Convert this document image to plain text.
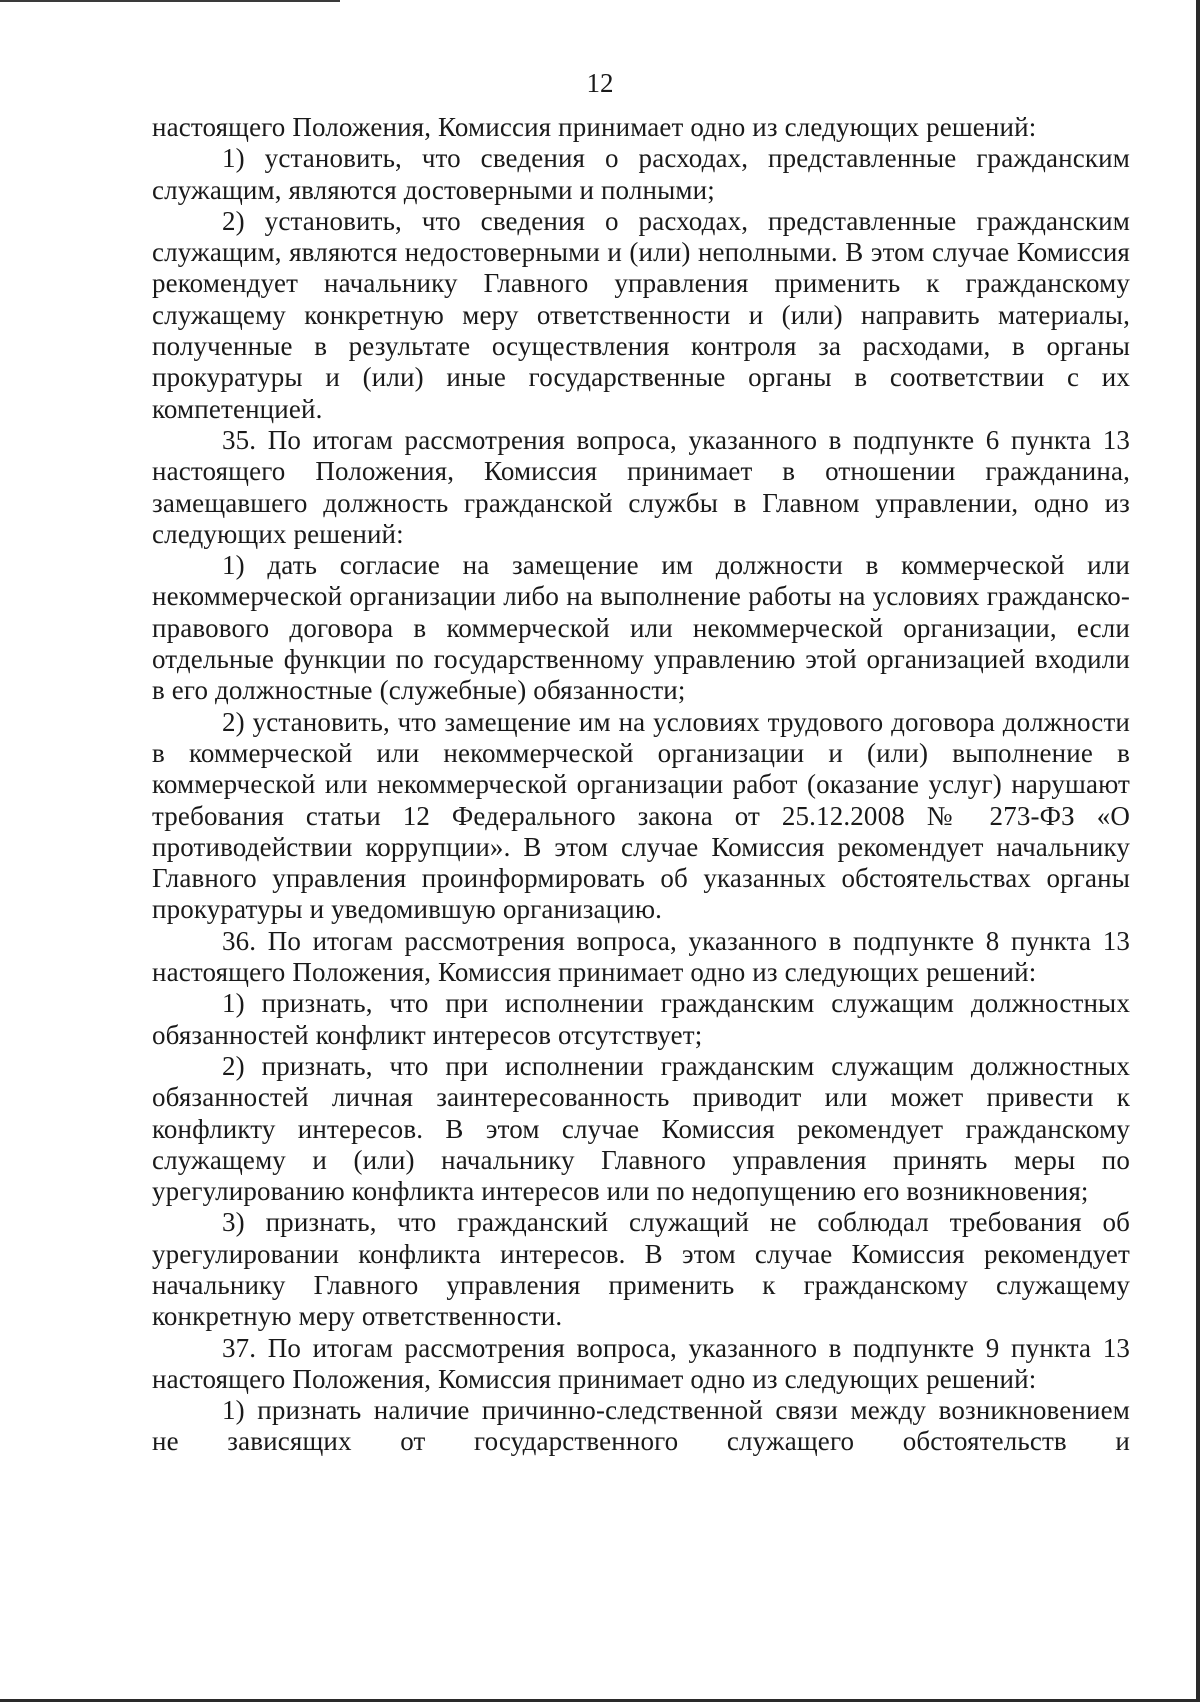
12

настоящего Положения, Комиссия принимает одно из следующих решений:

1) установить, что сведения о расходах, представленные гражданским служащим, являются достоверными и полными;

2) установить, что сведения о расходах, представленные гражданским служащим, являются недостоверными и (или) неполными. В этом случае Комиссия рекомендует начальнику Главного управления применить к гражданскому служащему конкретную меру ответственности и (или) направить материалы, полученные в результате осуществления контроля за расходами, в органы прокуратуры и (или) иные государственные органы в соответствии с их компетенцией.

35. По итогам рассмотрения вопроса, указанного в подпункте 6 пункта 13 настоящего Положения, Комиссия принимает в отношении гражданина, замещавшего должность гражданской службы в Главном управлении, одно из следующих решений:

1) дать согласие на замещение им должности в коммерческой или некоммерческой организации либо на выполнение работы на условиях гражданско-правового договора в коммерческой или некоммерческой организации, если отдельные функции по государственному управлению этой организацией входили в его должностные (служебные) обязанности;

2) установить, что замещение им на условиях трудового договора должности в коммерческой или некоммерческой организации и (или) выполнение в коммерческой или некоммерческой организации работ (оказание услуг) нарушают требования статьи 12 Федерального закона от 25.12.2008 № 273-ФЗ «О противодействии коррупции». В этом случае Комиссия рекомендует начальнику Главного управления проинформировать об указанных обстоятельствах органы прокуратуры и уведомившую организацию.

36. По итогам рассмотрения вопроса, указанного в подпункте 8 пункта 13 настоящего Положения, Комиссия принимает одно из следующих решений:

1) признать, что при исполнении гражданским служащим должностных обязанностей конфликт интересов отсутствует;

2) признать, что при исполнении гражданским служащим должностных обязанностей личная заинтересованность приводит или может привести к конфликту интересов. В этом случае Комиссия рекомендует гражданскому служащему и (или) начальнику Главного управления принять меры по урегулированию конфликта интересов или по недопущению его возникновения;

3) признать, что гражданский служащий не соблюдал требования об урегулировании конфликта интересов. В этом случае Комиссия рекомендует начальнику Главного управления применить к гражданскому служащему конкретную меру ответственности.

37. По итогам рассмотрения вопроса, указанного в подпункте 9 пункта 13 настоящего Положения, Комиссия принимает одно из следующих решений:

1) признать наличие причинно-следственной связи между возникновением не зависящих от государственного служащего обстоятельств и
